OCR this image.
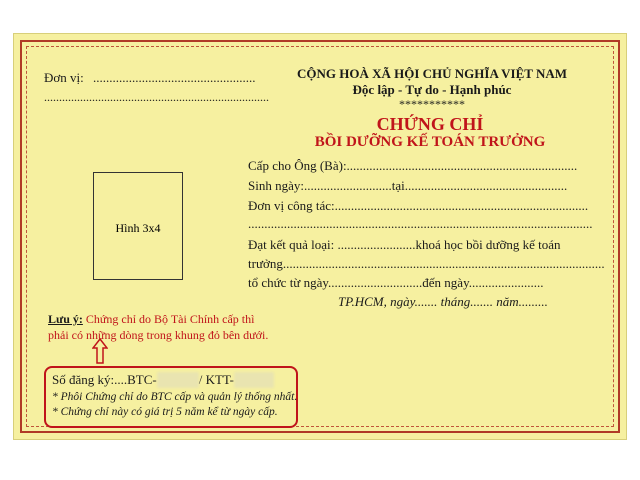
Đơn vị: ..................................................
...........................................................................
CỘNG HOÀ XÃ HỘI CHỦ NGHĨA VIỆT NAM
Độc lập - Tự do - Hạnh phúc
***********
CHỨNG CHỈ
BỒI DƯỠNG KẾ TOÁN TRƯỞNG
Hình 3x4
Cấp cho Ông (Bà):.......................................................................
Sinh ngày:...........................tại..................................................
Đơn vị công tác:..............................................................................
..........................................................................................................
Đạt kết quả loại: ........................khoá học bồi dưỡng kế toán
trưởng...................................................................................................
tổ chức từ ngày.............................đến ngày.......................
TP.HCM, ngày....... tháng....... năm.........
Lưu ý: Chứng chỉ do Bộ Tài Chính cấp thì
phải có những dòng trong khung đỏ bên dưới.
Số đăng ký:....BTC-	/ KTT-
* Phôi Chứng chỉ do BTC cấp và quản lý thống nhất.
* Chứng chỉ này có giá trị 5 năm kể từ ngày cấp.
